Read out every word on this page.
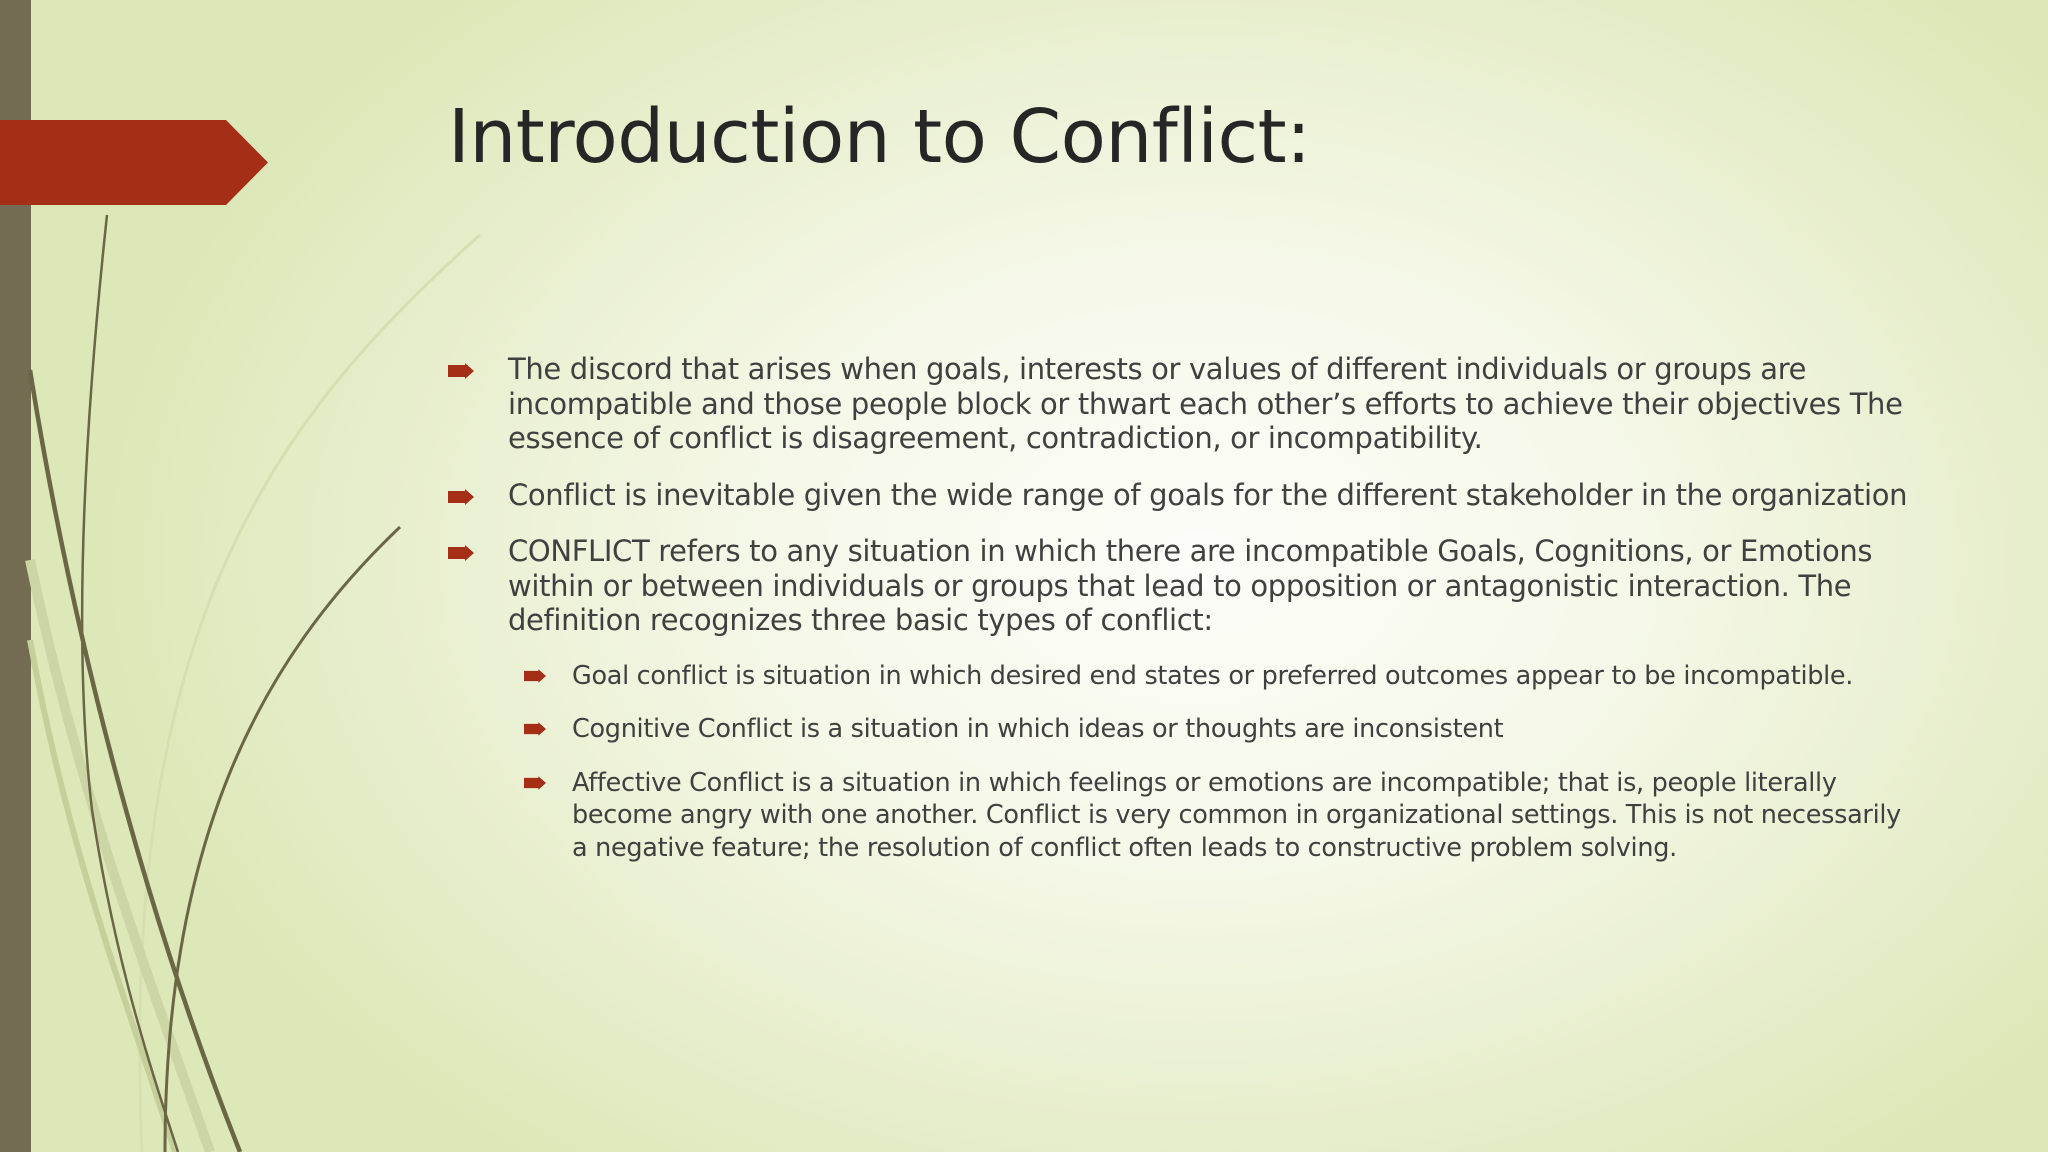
Introduction to Conflict:
The discord that arises when goals, interests or values of different individuals or groups are incompatible and those people block or thwart each other’s efforts to achieve their objectives The essence of conflict is disagreement, contradiction, or incompatibility.
Conflict is inevitable given the wide range of goals for the different stakeholder in the organization
CONFLICT refers to any situation in which there are incompatible Goals, Cognitions, or Emotions within or between individuals or groups that lead to opposition or antagonistic interaction. The definition recognizes three basic types of conflict:
Goal conflict is situation in which desired end states or preferred outcomes appear to be incompatible.
Cognitive Conflict is a situation in which ideas or thoughts are inconsistent
Affective Conflict is a situation in which feelings or emotions are incompatible; that is, people literally become angry with one another. Conflict is very common in organizational settings. This is not necessarily a negative feature; the resolution of conflict often leads to constructive problem solving.
